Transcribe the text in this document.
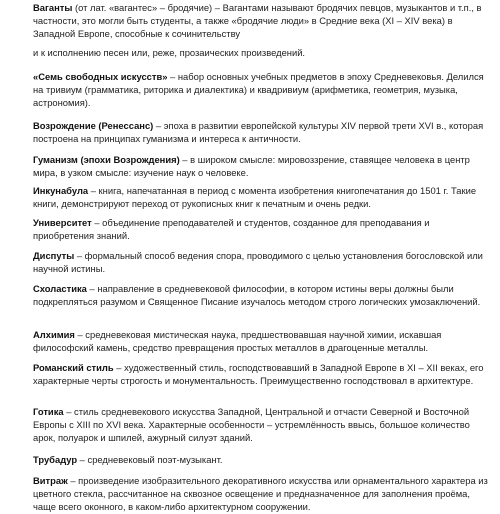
Ваганты (от лат. «вагантес» – бродячие) – Вагантами называют бродячих певцов, музыкантов и т.п., в частности, это могли быть студенты, а также «бродячие люди» в Средние века (XI – XIV века) в Западной Европе, способные к сочинительству

и к исполнению песен или, реже, прозаических произведений.

«Семь свободных искусств» – набор основных учебных предметов в эпоху Средневековья. Делился на тривиум (грамматика, риторика и диалектика) и квадривиум (арифметика, геометрия, музыка, астрономия).

Возрождение (Ренессанс) – эпоха в развитии европейской культуры XIV первой трети XVI в., которая построена на принципах гуманизма и интереса к античности.

Гуманизм (эпохи Возрождения) – в широком смысле: мировоззрение, ставящее человека в центр мира, в узком смысле: изучение наук о человеке.

Инкунабула – книга, напечатанная в период с момента изобретения книгопечатания до 1501 г. Такие книги, демонстрируют переход от рукописных книг к печатным и очень редки.

Университет – объединение преподавателей и студентов, созданное для преподавания и приобретения знаний.

Диспуты – формальный способ ведения спора, проводимого с целью установления богословской или научной истины.

Схоластика – направление в средневековой философии, в котором истины веры должны были подкрепляться разумом и Священное Писание изучалось методом строго логических умозаключений.

Алхимия – средневековая мистическая наука, предшествовавшая научной химии, искавшая философский камень, средство превращения простых металлов в драгоценные металлы.

Романский стиль – художественный стиль, господствовавший в Западной Европе в XI – XII веках, его характерные черты строгость и монументальность. Преимущественно господствовал в архитектуре.

Готика – стиль средневекового искусства Западной, Центральной и отчасти Северной и Восточной Европы с XIII по XVI века. Характерные особенности – устремлённость ввысь, большое количество арок, полуарок и шпилей, ажурный силуэт зданий.

Трубадур – средневековый поэт-музыкант.

Витраж – произведение изобразительного декоративного искусства или орнаментального характера из цветного стекла, рассчитанное на сквозное освещение и предназначенное для заполнения проёма, чаще всего оконного, в каком-либо архитектурном сооружении.
